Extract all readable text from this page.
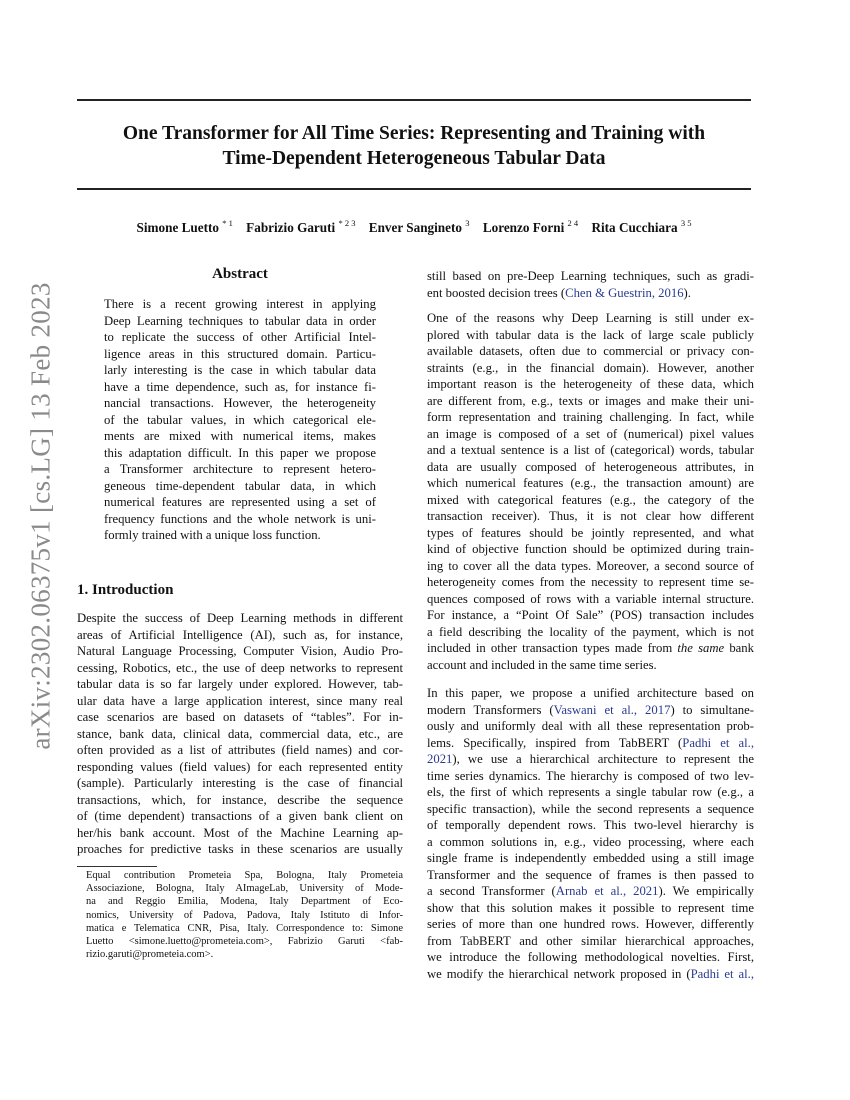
One Transformer for All Time Series: Representing and Training with
Time-Dependent Heterogeneous Tabular Data
Simone Luetto $^{* 1}$ Fabrizio Garuti $^{* 2 3}$ Enver Sangineto $^3$ Lorenzo Forni $^{2 4}$ Rita Cucchiara $^{3 5}$
arXiv:2302.06375v1 [cs.LG] 13 Feb 2023
Abstract
There is a recent growing interest in applying
Deep Learning techniques to tabular data in order
to replicate the success of other Artificial Intel-
ligence areas in this structured domain. Particu-
larly interesting is the case in which tabular data
have a time dependence, such as, for instance fi-
nancial transactions. However, the heterogeneity
of the tabular values, in which categorical ele-
ments are mixed with numerical items, makes
this adaptation difficult. In this paper we propose
a Transformer architecture to represent hetero-
geneous time-dependent tabular data, in which
numerical features are represented using a set of
frequency functions and the whole network is uni-
formly trained with a unique loss function.
1. Introduction
Despite the success of Deep Learning methods in different
areas of Artificial Intelligence (AI), such as, for instance,
Natural Language Processing, Computer Vision, Audio Pro-
cessing, Robotics, etc., the use of deep networks to represent
tabular data is so far largely under explored. However, tab-
ular data have a large application interest, since many real
case scenarios are based on datasets of “tables”. For in-
stance, bank data, clinical data, commercial data, etc., are
often provided as a list of attributes (field names) and cor-
responding values (field values) for each represented entity
(sample). Particularly interesting is the case of financial
transactions, which, for instance, describe the sequence
of (time dependent) transactions of a given bank client on
her/his bank account. Most of the Machine Learning ap-
proaches for predictive tasks in these scenarios are usually
Equal contribution Prometeia Spa, Bologna, Italy Prometeia
Associazione, Bologna, Italy AImageLab, University of Mode-
na and Reggio Emilia, Modena, Italy Department of Eco-
nomics, University of Padova, Padova, Italy Istituto di Infor-
matica e Telematica CNR, Pisa, Italy. Correspondence to: Simone
Luetto <simone.luetto@prometeia.com>, Fabrizio Garuti <fab-
rizio.garuti@prometeia.com>.
still based on pre-Deep Learning techniques, such as gradi-
ent boosted decision trees (Chen & Guestrin, 2016).
One of the reasons why Deep Learning is still under ex-
plored with tabular data is the lack of large scale publicly
available datasets, often due to commercial or privacy con-
straints (e.g., in the financial domain). However, another
important reason is the heterogeneity of these data, which
are different from, e.g., texts or images and make their uni-
form representation and training challenging. In fact, while
an image is composed of a set of (numerical) pixel values
and a textual sentence is a list of (categorical) words, tabular
data are usually composed of heterogeneous attributes, in
which numerical features (e.g., the transaction amount) are
mixed with categorical features (e.g., the category of the
transaction receiver). Thus, it is not clear how different
types of features should be jointly represented, and what
kind of objective function should be optimized during train-
ing to cover all the data types. Moreover, a second source of
heterogeneity comes from the necessity to represent time se-
quences composed of rows with a variable internal structure.
For instance, a “Point Of Sale” (POS) transaction includes
a field describing the locality of the payment, which is not
included in other transaction types made from the same bank
account and included in the same time series.
In this paper, we propose a unified architecture based on
modern Transformers (Vaswani et al., 2017) to simultane-
ously and uniformly deal with all these representation prob-
lems. Specifically, inspired from TabBERT (Padhi et al.,
2021), we use a hierarchical architecture to represent the
time series dynamics. The hierarchy is composed of two lev-
els, the first of which represents a single tabular row (e.g., a
specific transaction), while the second represents a sequence
of temporally dependent rows. This two-level hierarchy is
a common solutions in, e.g., video processing, where each
single frame is independently embedded using a still image
Transformer and the sequence of frames is then passed to
a second Transformer (Arnab et al., 2021). We empirically
show that this solution makes it possible to represent time
series of more than one hundred rows. However, differently
from TabBERT and other similar hierarchical approaches,
we introduce the following methodological novelties. First,
we modify the hierarchical network proposed in (Padhi et al.,
